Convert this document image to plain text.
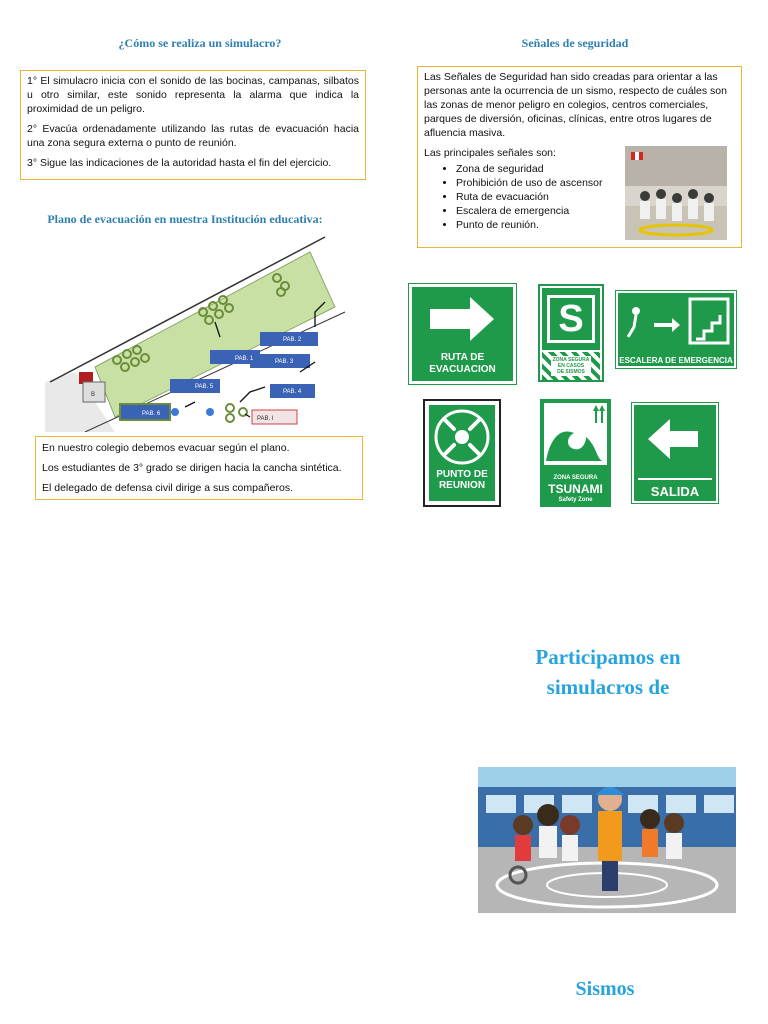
¿Cómo se realiza un simulacro?

1° El simulacro inicia con el sonido de las bocinas, campanas, silbatos u otro similar, este sonido representa la alarma que indica la proximidad de un peligro.

2° Evacúa ordenadamente utilizando las rutas de evacuación hacia una zona segura externa o punto de reunión.

3° Sigue las indicaciones de la autoridad hasta el fin del ejercicio.

Plano de evacuación en nuestra Institución educativa:
PAB. 2
PAB. 1	PAB. 3
PAB. 5
PAB. 4
PAB. 6
PAB. I
B

En nuestro colegio debemos evacuar según el plano.

Los estudiantes de 3° grado se dirigen hacia la cancha sintética.

El delegado de defensa civil dirige a sus compañeros.

Señales de seguridad

Las Señales de Seguridad han sido creadas para orientar a las personas ante la ocurrencia de un sismo, respecto de cuáles son las zonas de menor peligro en colegios, centros comerciales, parques de diversión, oficinas, clínicas, entre otros lugares de afluencia masiva.

Las principales señales son:
• Zona de seguridad
• Prohibición de uso de ascensor
• Ruta de evacuación
• Escalera de emergencia
• Punto de reunión.
RUTA DE
EVACUACION
S
ZONA SEGURA
EN CASOS
DE SISMOS
ESCALERA DE EMERGENCIA
PUNTO DE
REUNION
ZONA SEGURA
TSUNAMI
Safety Zone
SALIDA
Participamos en
simulacros de
Sismos
